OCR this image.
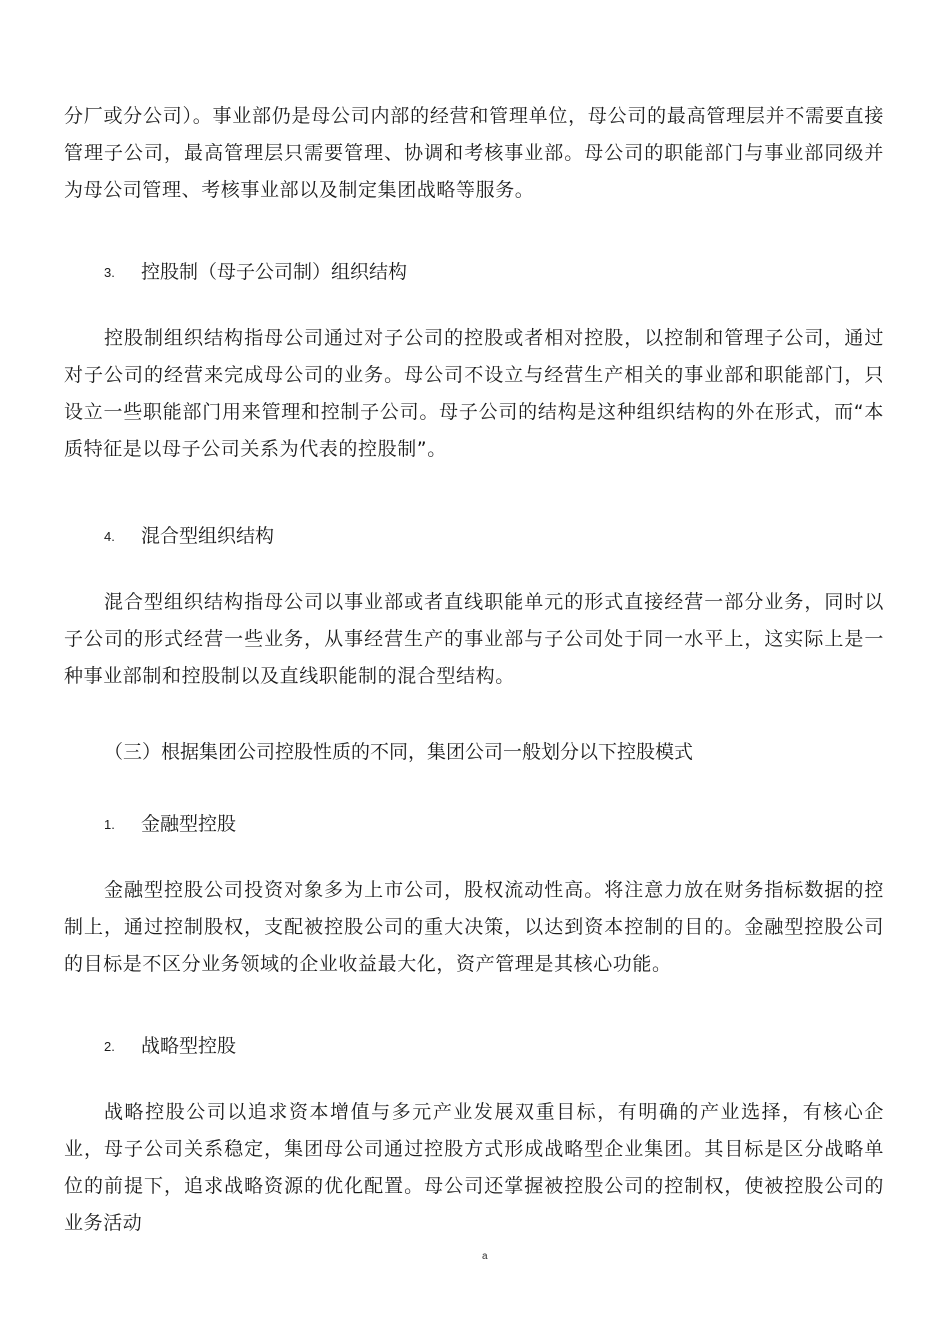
分厂或分公司）。事业部仍是母公司内部的经营和管理单位，母公司的最高管理层并不需要直接管理子公司，最高管理层只需要管理、协调和考核事业部。母公司的职能部门与事业部同级并为母公司管理、考核事业部以及制定集团战略等服务。

3. 控股制（母子公司制）组织结构

控股制组织结构指母公司通过对子公司的控股或者相对控股，以控制和管理子公司，通过对子公司的经营来完成母公司的业务。母公司不设立与经营生产相关的事业部和职能部门，只设立一些职能部门用来管理和控制子公司。母子公司的结构是这种组织结构的外在形式，而“本质特征是以母子公司关系为代表的控股制”。

4. 混合型组织结构

混合型组织结构指母公司以事业部或者直线职能单元的形式直接经营一部分业务，同时以子公司的形式经营一些业务，从事经营生产的事业部与子公司处于同一水平上，这实际上是一种事业部制和控股制以及直线职能制的混合型结构。

（三）根据集团公司控股性质的不同，集团公司一般划分以下控股模式
1. 金融型控股

金融型控股公司投资对象多为上市公司，股权流动性高。将注意力放在财务指标数据的控制上，通过控制股权，支配被控股公司的重大决策，以达到资本控制的目的。金融型控股公司的目标是不区分业务领域的企业收益最大化，资产管理是其核心功能。

2. 战略型控股

战略控股公司以追求资本增值与多元产业发展双重目标，有明确的产业选择，有核心企业，母子公司关系稳定，集团母公司通过控股方式形成战略型企业集团。其目标是区分战略单位的前提下，追求战略资源的优化配置。母公司还掌握被控股公司的控制权，使被控股公司的业务活动

a
